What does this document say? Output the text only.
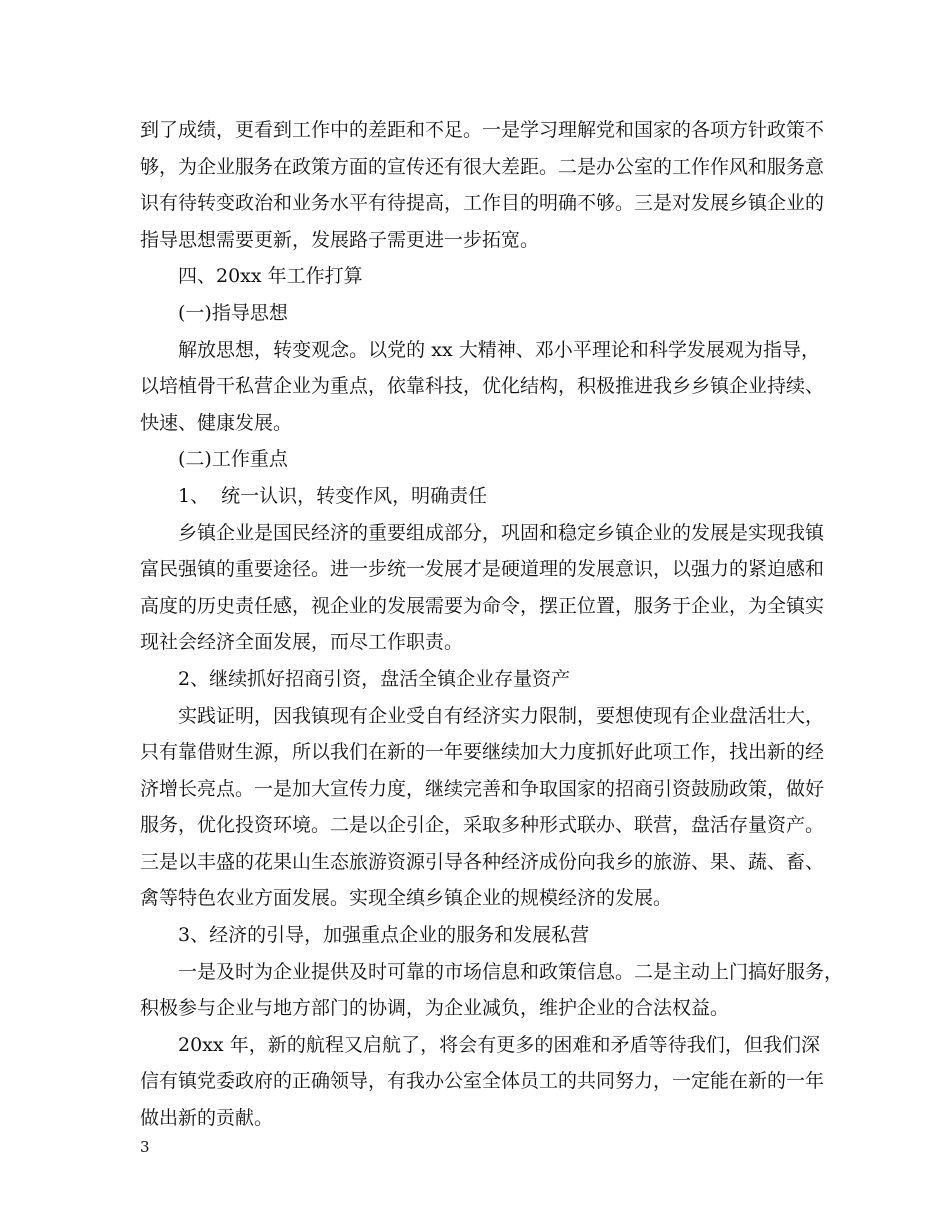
到了成绩，更看到工作中的差距和不足。一是学习理解党和国家的各项方针政策不
够，为企业服务在政策方面的宣传还有很大差距。二是办公室的工作作风和服务意
识有待转变政治和业务水平有待提高，工作目的明确不够。三是对发展乡镇企业的
指导思想需要更新，发展路子需更进一步拓宽。
四、20xx 年工作打算
(一)指导思想
解放思想，转变观念。以党的 xx 大精神、邓小平理论和科学发展观为指导，
以培植骨干私营企业为重点，依靠科技，优化结构，积极推进我乡乡镇企业持续、
快速、健康发展。
(二)工作重点
1、  统一认识，转变作风，明确责任
乡镇企业是国民经济的重要组成部分，巩固和稳定乡镇企业的发展是实现我镇
富民强镇的重要途径。进一步统一发展才是硬道理的发展意识，以强力的紧迫感和
高度的历史责任感，视企业的发展需要为命令，摆正位置，服务于企业，为全镇实
现社会经济全面发展，而尽工作职责。
2、继续抓好招商引资，盘活全镇企业存量资产
实践证明，因我镇现有企业受自有经济实力限制，要想使现有企业盘活壮大，
只有靠借财生源，所以我们在新的一年要继续加大力度抓好此项工作，找出新的经
济增长亮点。一是加大宣传力度，继续完善和争取国家的招商引资鼓励政策，做好
服务，优化投资环境。二是以企引企，采取多种形式联办、联营，盘活存量资产。
三是以丰盛的花果山生态旅游资源引导各种经济成份向我乡的旅游、果、蔬、畜、
禽等特色农业方面发展。实现全缜乡镇企业的规模经济的发展。
3、经济的引导，加强重点企业的服务和发展私营
一是及时为企业提供及时可靠的市场信息和政策信息。二是主动上门搞好服务，
积极参与企业与地方部门的协调，为企业减负，维护企业的合法权益。
20xx 年，新的航程又启航了，将会有更多的困难和矛盾等待我们，但我们深
信有镇党委政府的正确领导，有我办公室全体员工的共同努力，一定能在新的一年
做出新的贡献。
3
